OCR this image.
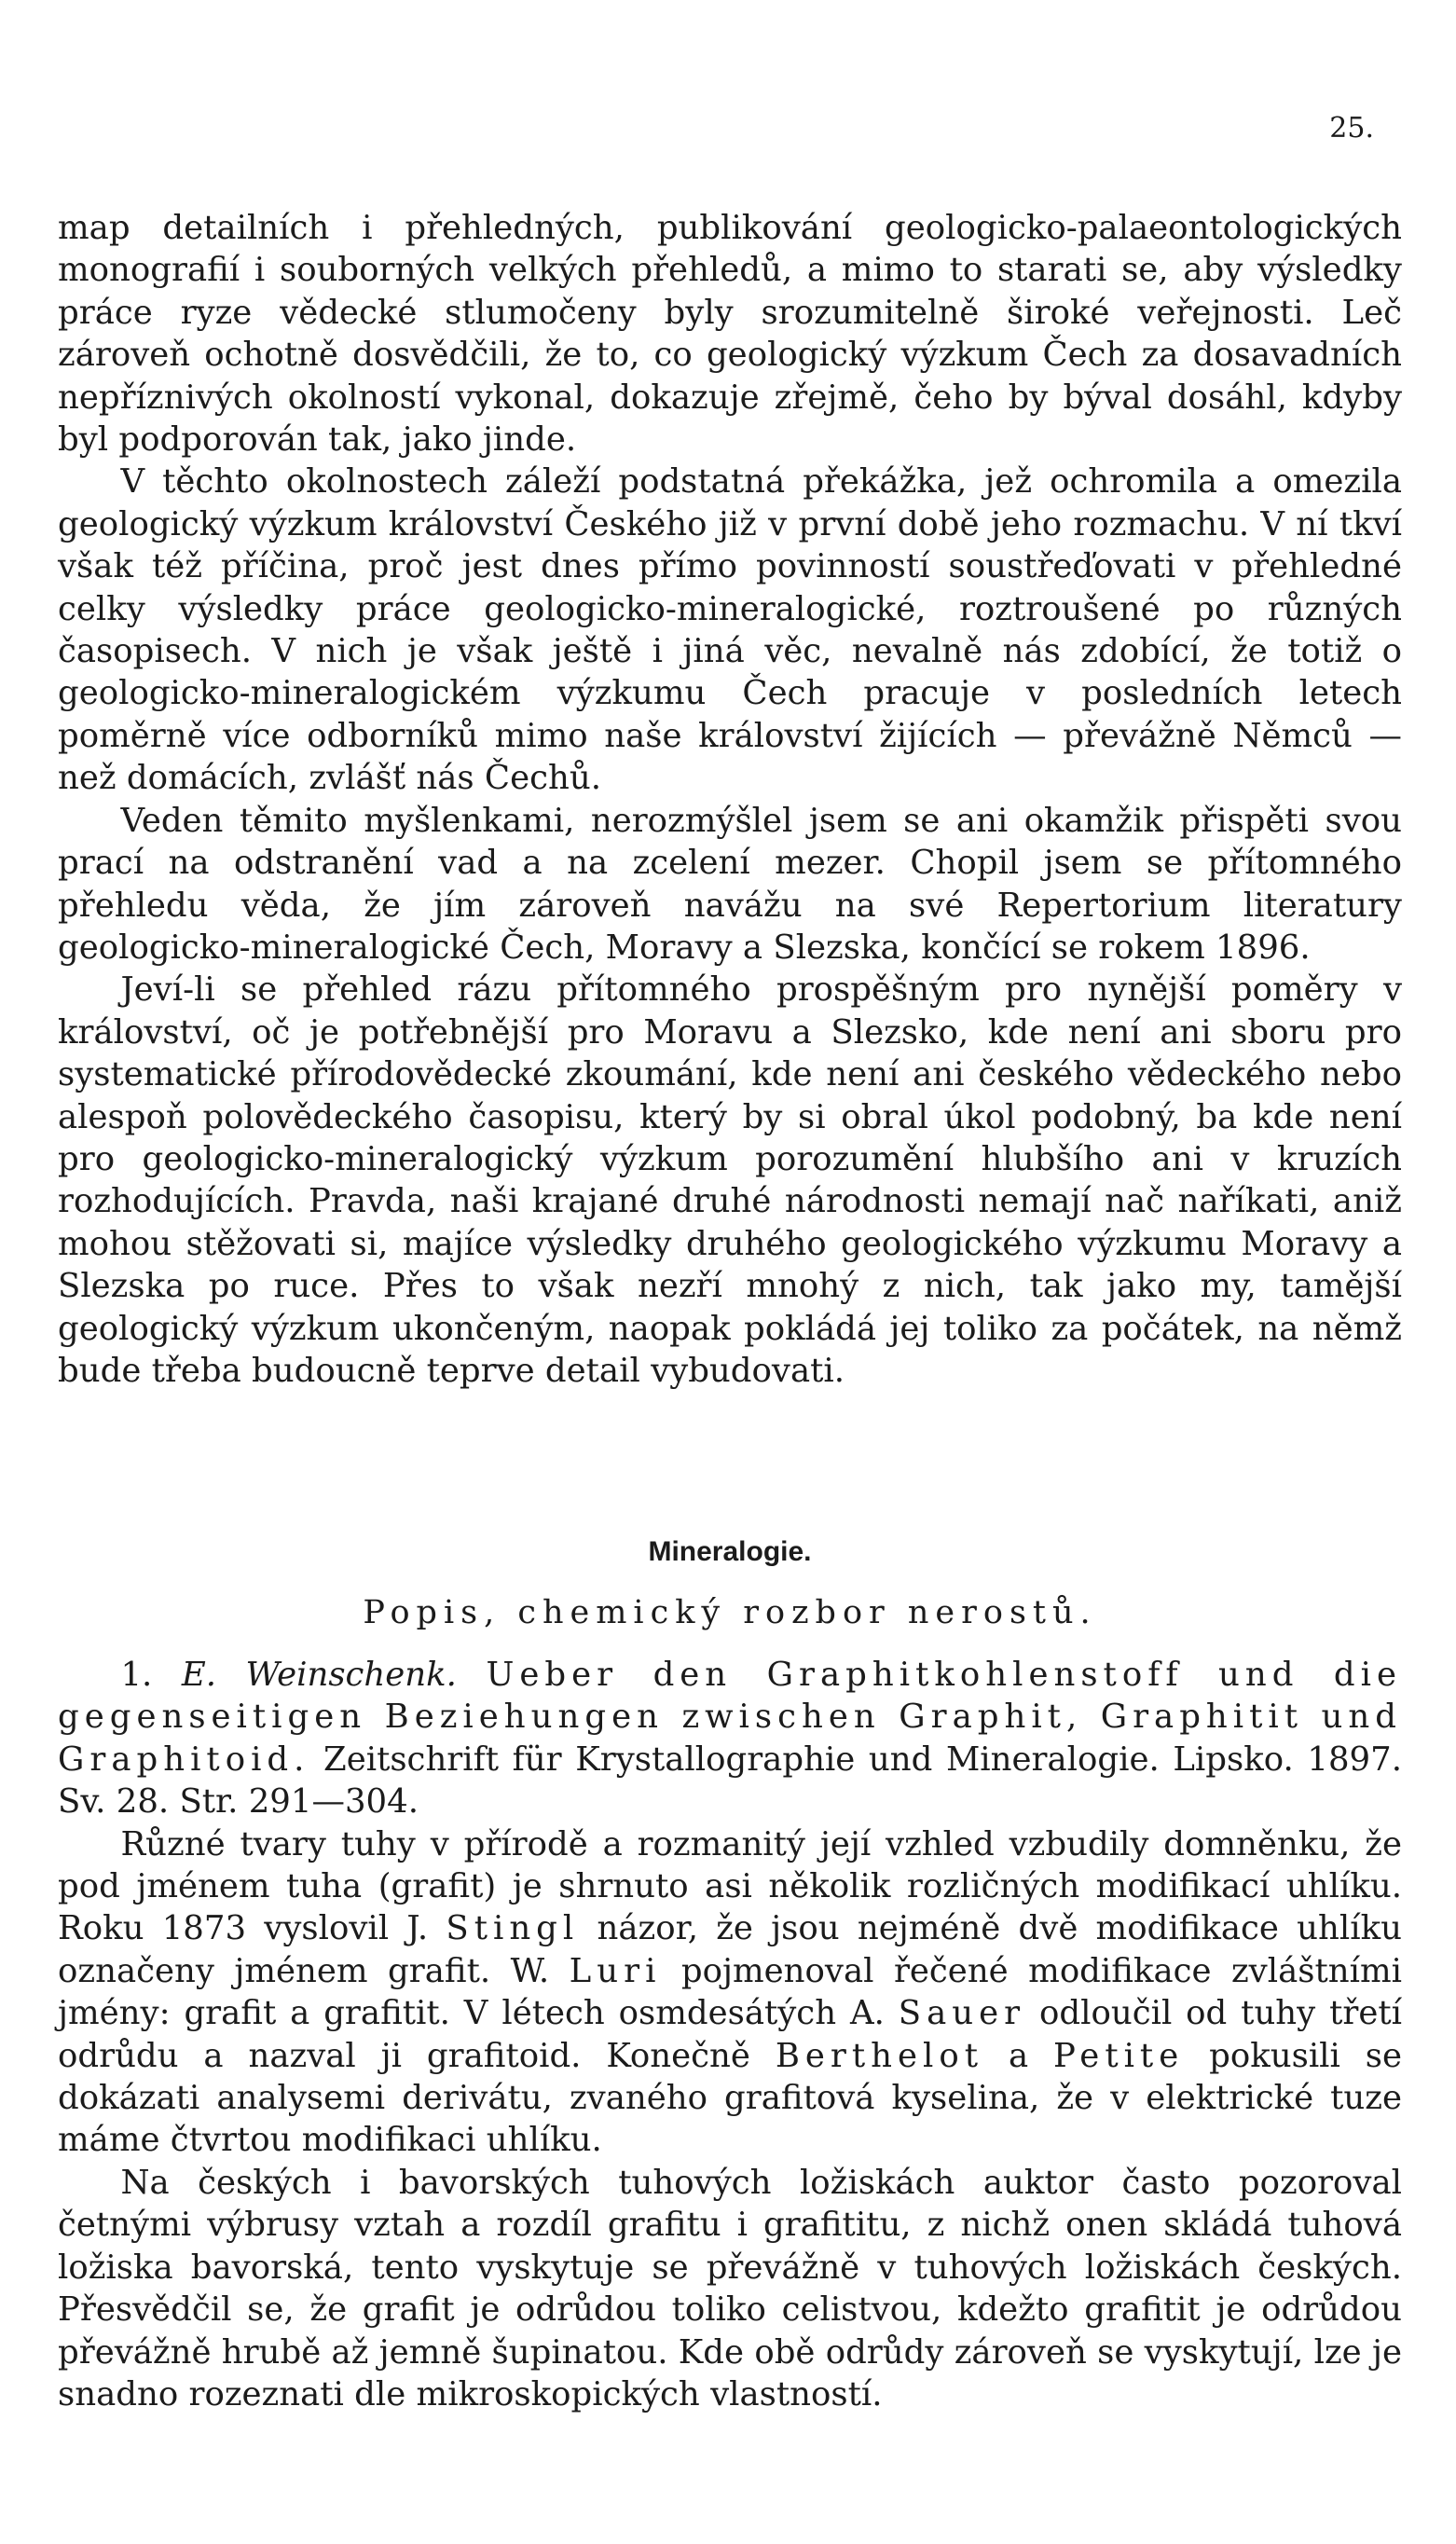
25.

map detailních i přehledných, publikování geologicko-palaeontologických monografií i souborných velkých přehledů, a mimo to starati se, aby výsledky práce ryze vědecké stlumočeny byly srozumitelně široké veřejnosti. Leč zároveň ochotně dosvědčili, že to, co geologický výzkum Čech za dosavadních nepříznivých okolností vykonal, dokazuje zřejmě, čeho by býval dosáhl, kdyby byl podporován tak, jako jinde.

V těchto okolnostech záleží podstatná překážka, jež ochromila a omezila geologický výzkum království Českého již v první době jeho rozmachu. V ní tkví však též příčina, proč jest dnes přímo povinností soustřeďovati v přehledné celky výsledky práce geologicko-mineralogické, roztroušené po různých časopisech. V nich je však ještě i jiná věc, nevalně nás zdobící, že totiž o geologicko-mineralogickém výzkumu Čech pracuje v posledních letech poměrně více odborníků mimo naše království žijících — převážně Němců — než domácích, zvlášť nás Čechů.

Veden těmito myšlenkami, nerozmýšlel jsem se ani okamžik přispěti svou prací na odstranění vad a na zcelení mezer. Chopil jsem se přítomného přehledu věda, že jím zároveň navážu na své Repertorium literatury geologicko-mineralogické Čech, Moravy a Slezska, končící se rokem 1896.

Jeví-li se přehled rázu přítomného prospěšným pro nynější poměry v království, oč je potřebnější pro Moravu a Slezsko, kde není ani sboru pro systematické přírodovědecké zkoumání, kde není ani českého vědeckého nebo alespoň polovědeckého časopisu, který by si obral úkol podobný, ba kde není pro geologicko-mineralogický výzkum porozumění hlubšího ani v kruzích rozhodujících. Pravda, naši krajané druhé národnosti nemají nač naříkati, aniž mohou stěžovati si, majíce výsledky druhého geologického výzkumu Moravy a Slezska po ruce. Přes to však nezří mnohý z nich, tak jako my, tamější geologický výzkum ukončeným, naopak pokládá jej toliko za počátek, na němž bude třeba budoucně teprve detail vybudovati.

Mineralogie.

Popis, chemický rozbor nerostů.

1. E. Weinschenk. Ueber den Graphitkohlenstoff und die gegenseitigen Beziehungen zwischen Graphit, Graphitit und Graphitoid. Zeitschrift für Krystallographie und Mineralogie. Lipsko. 1897. Sv. 28. Str. 291—304.

Různé tvary tuhy v přírodě a rozmanitý její vzhled vzbudily domněnku, že pod jménem tuha (grafit) je shrnuto asi několik rozličných modifikací uhlíku. Roku 1873 vyslovil J. Stingl názor, že jsou nejméně dvě modifikace uhlíku označeny jménem grafit. W. Luri pojmenoval řečené modifikace zvláštními jmény: grafit a grafitit. V létech osmdesátých A. Sauer odloučil od tuhy třetí odrůdu a nazval ji grafitoid. Konečně Berthelot a Petite pokusili se dokázati analysemi derivátu, zvaného grafitová kyselina, že v elektrické tuze máme čtvrtou modifikaci uhlíku.

Na českých i bavorských tuhových ložiskách auktor často pozoroval četnými výbrusy vztah a rozdíl grafitu i grafititu, z nichž onen skládá tuhová ložiska bavorská, tento vyskytuje se převážně v tuhových ložiskách českých. Přesvědčil se, že grafit je odrůdou toliko celistvou, kdežto grafitit je odrůdou převážně hrubě až jemně šupinatou. Kde obě odrůdy zároveň se vyskytují, lze je snadno rozeznati dle mikroskopických vlastností.
